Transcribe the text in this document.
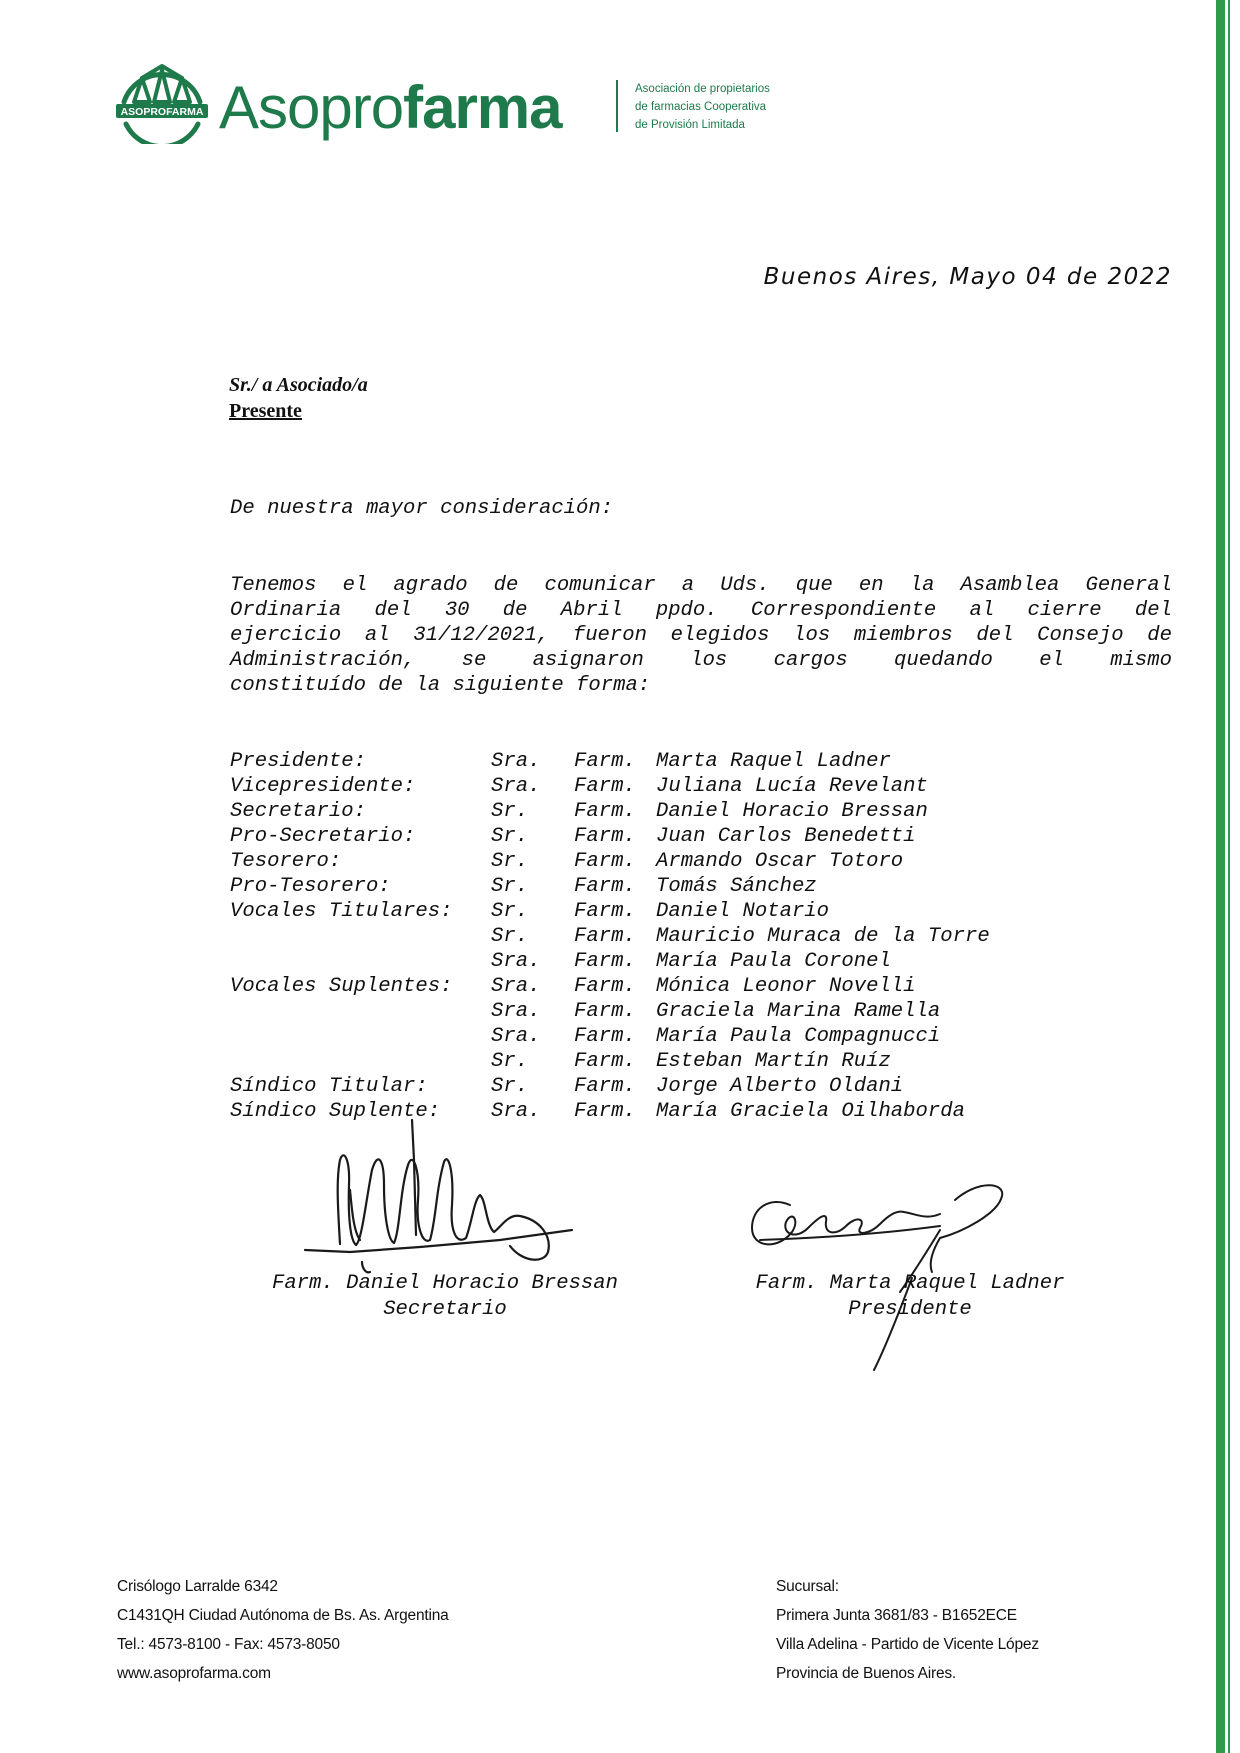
ASOPROFARMA Asoprofarma	Asociación de propietarios
de farmacias Cooperativa
de Provisión Limitada
Buenos Aires, Mayo 04 de 2022
Sr./ a Asociado/a
Presente
De nuestra mayor consideración:
Tenemos el agrado de comunicar a Uds. que en la Asamblea General
Ordinaria del 30 de Abril ppdo. Correspondiente al cierre del
ejercicio al 31/12/2021, fueron elegidos los miembros del Consejo de
Administración, se asignaron los cargos quedando el mismo
constituído de la siguiente forma:
Presidente:	Sra. Farm. Marta Raquel Ladner
Vicepresidente:	Sra. Farm. Juliana Lucía Revelant
Secretario:	Sr. Farm. Daniel Horacio Bressan
Pro-Secretario:	Sr. Farm. Juan Carlos Benedetti
Tesorero:	Sr. Farm. Armando Oscar Totoro
Pro-Tesorero:	Sr. Farm. Tomás Sánchez
Vocales Titulares: Sr. Farm. Daniel Notario
Sr. Farm. Mauricio Muraca de la Torre
Sra. Farm. María Paula Coronel
Vocales Suplentes: Sra. Farm. Mónica Leonor Novelli
Sra. Farm. Graciela Marina Ramella
Sra. Farm. María Paula Compagnucci
Sr. Farm. Esteban Martín Ruíz
Síndico Titular:	Sr. Farm. Jorge Alberto Oldani
Síndico Suplente: Sra. Farm. María Graciela Oilhaborda
Farm. Daniel Horacio Bressan
Secretario
Farm. Marta Raquel Ladner
Presidente
Crisólogo Larralde 6342
C1431QH Ciudad Autónoma de Bs. As. Argentina
Tel.: 4573-8100 - Fax: 4573-8050
www.asoprofarma.com
Sucursal:
Primera Junta 3681/83 - B1652ECE
Villa Adelina - Partido de Vicente López
Provincia de Buenos Aires.
